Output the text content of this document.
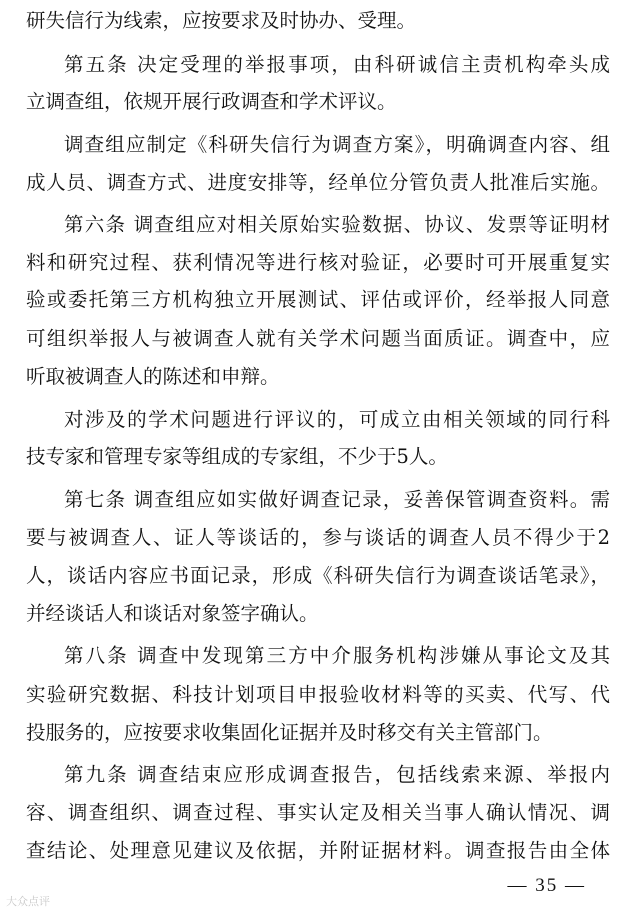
研失信行为线索，应按要求及时协办、受理。
第五条 决定受理的举报事项，由科研诚信主责机构牵头成
立调查组，依规开展行政调查和学术评议。
调查组应制定《科研失信行为调查方案》，明确调查内容、组
成人员、调查方式、进度安排等，经单位分管负责人批准后实施。
第六条 调查组应对相关原始实验数据、协议、发票等证明材
料和研究过程、获利情况等进行核对验证，必要时可开展重复实
验或委托第三方机构独立开展测试、评估或评价，经举报人同意
可组织举报人与被调查人就有关学术问题当面质证。调查中，应
听取被调查人的陈述和申辩。
对涉及的学术问题进行评议的，可成立由相关领域的同行科
技专家和管理专家等组成的专家组，不少于5人。
第七条 调查组应如实做好调查记录，妥善保管调查资料。需
要与被调查人、证人等谈话的，参与谈话的调查人员不得少于2
人，谈话内容应书面记录，形成《科研失信行为调查谈话笔录》，
并经谈话人和谈话对象签字确认。
第八条 调查中发现第三方中介服务机构涉嫌从事论文及其
实验研究数据、科技计划项目申报验收材料等的买卖、代写、代
投服务的，应按要求收集固化证据并及时移交有关主管部门。
第九条 调查结束应形成调查报告，包括线索来源、举报内
容、调查组织、调查过程、事实认定及相关当事人确认情况、调
查结论、处理意见建议及依据，并附证据材料。调查报告由全体
— 35 —
大众点评
